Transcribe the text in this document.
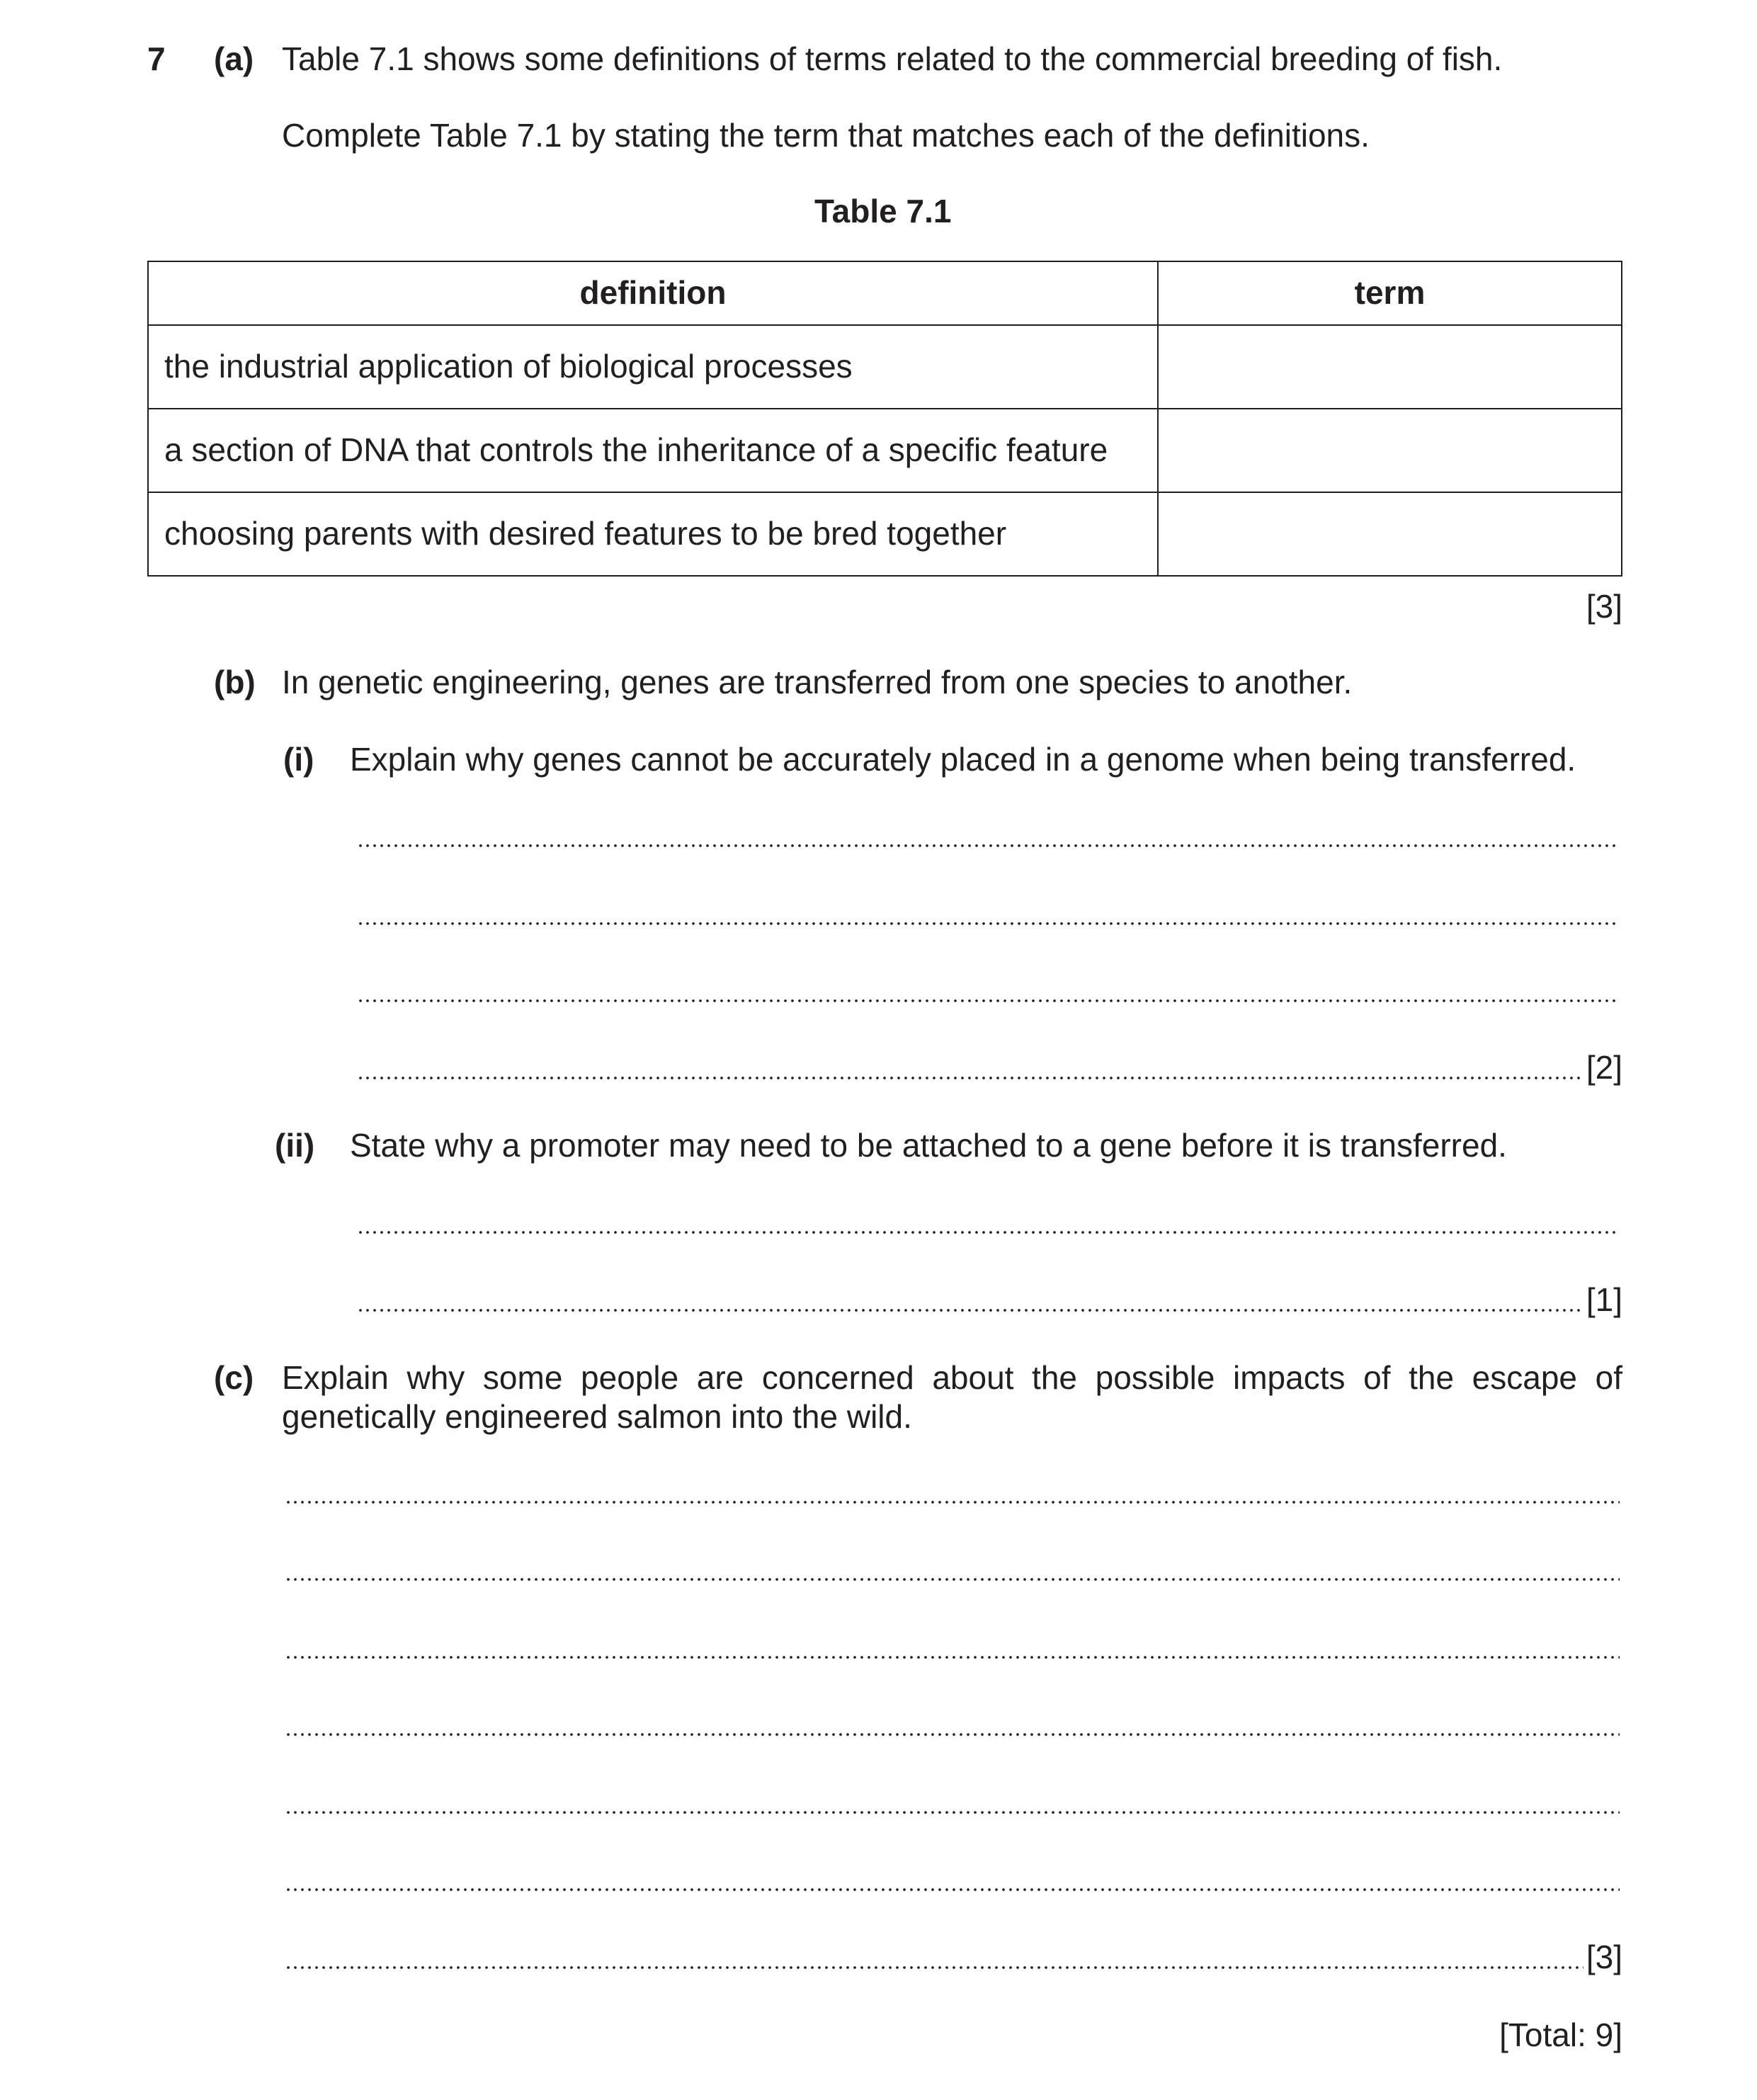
7 (a) Table 7.1 shows some definitions of terms related to the commercial breeding of fish.
Complete Table 7.1 by stating the term that matches each of the definitions.
Table 7.1
definition	term
the industrial application of biological processes
a section of DNA that controls the inheritance of a specific feature
choosing parents with desired features to be bred together
[3]
(b) In genetic engineering, genes are transferred from one species to another.
(i) Explain why genes cannot be accurately placed in a genome when being transferred.
[2]
(ii) State why a promoter may need to be attached to a gene before it is transferred.
[1]
(c) Explain why some people are concerned about the possible impacts of the escape of
genetically engineered salmon into the wild.
[3]
[Total: 9]
